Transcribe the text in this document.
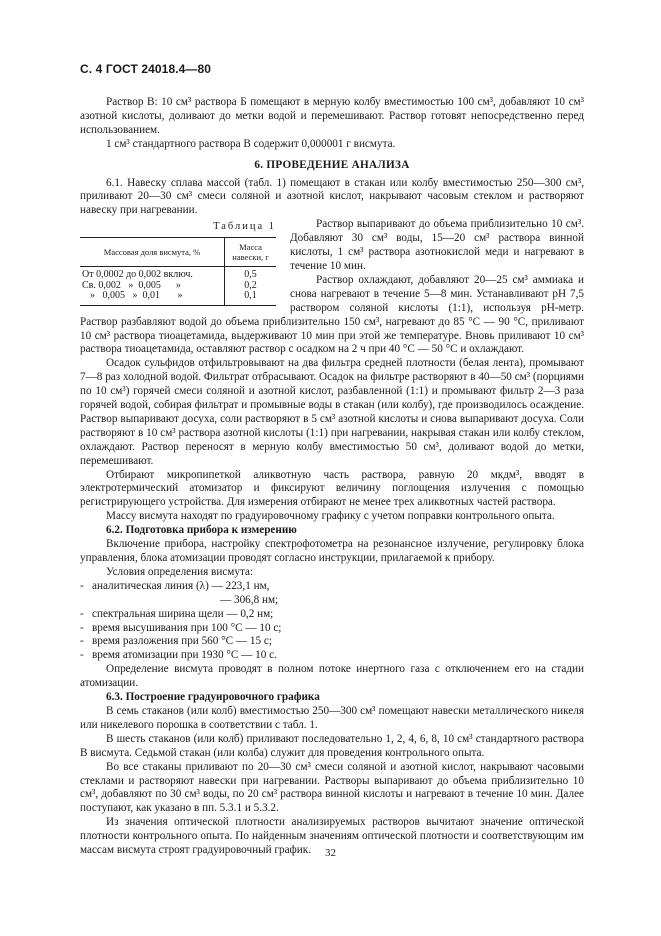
С. 4 ГОСТ 24018.4—80

Раствор В: 10 см³ раствора Б помещают в мерную колбу вместимостью 100 см³, добавляют 10 см³ азотной кислоты, доливают до метки водой и перемешивают. Раствор готовят непосредственно перед использованием.

1 см³ стандартного раствора В содержит 0,000001 г висмута.

6. ПРОВЕДЕНИЕ АНАЛИЗА

6.1. Навеску сплава массой (табл. 1) помещают в стакан или колбу вместимостью 250—300 см³, приливают 20—30 см³ смеси соляной и азотной кислот, накрывают часовым стеклом и растворяют навеску при нагревании.

Таблица 1
Массовая доля висмута, %	Масса навески, г
От 0,0002 до 0,002 включ.	0,5
Св. 0,002   »  0,005      »	0,2
»   0,005   »  0,01       »	0,1

Раствор выпаривают до объема приблизительно 10 см³. Добавляют 30 см³ воды, 15—20 см³ раствора винной кислоты, 1 см³ раствора азотнокислой меди и нагревают в течение 10 мин.

Раствор охлаждают, добавляют 20—25 см³ аммиака и снова нагревают в течение 5—8 мин. Устанавливают pH 7,5 раствором соляной кислоты (1:1), используя pH-метр. Раствор разбавляют водой до объема приблизительно 150 см³, нагревают до 85 °С — 90 °С, приливают 10 см³ раствора тиоацетамида, выдерживают 10 мин при этой же температуре. Вновь приливают 10 см³ раствора тиоацетамида, оставляют раствор с осадком на 2 ч при 40 °С — 50 °С и охлаждают.

Осадок сульфидов отфильтровывают на два фильтра средней плотности (белая лента), промывают 7—8 раз холодной водой. Фильтрат отбрасывают. Осадок на фильтре растворяют в 40—50 см³ (порциями по 10 см³) горячей смеси соляной и азотной кислот, разбавленной (1:1) и промывают фильтр 2—3 раза горячей водой, собирая фильтрат и промывные воды в стакан (или колбу), где производилось осаждение. Раствор выпаривают досуха, соли растворяют в 5 см³ азотной кислоты и снова выпаривают досуха. Соли растворяют в 10 см³ раствора азотной кислоты (1:1) при нагревании, накрывая стакан или колбу стеклом, охлаждают. Раствор переносят в мерную колбу вместимостью 50 см³, доливают водой до метки, перемешивают.

Отбирают микропипеткой аликвотную часть раствора, равную 20 мкдм³, вводят в электротермический атомизатор и фиксируют величину поглощения излучения с помощью регистрирующего устройства. Для измерения отбирают не менее трех аликвотных частей раствора.

Массу висмута находят по градуировочному графику с учетом поправки контрольного опыта.

6.2. Подготовка прибора к измерению

Включение прибора, настройку спектрофотометра на резонансное излучение, регулировку блока управления, блока атомизации проводят согласно инструкции, прилагаемой к прибору.

Условия определения висмута:

- аналитическая линия (λ) — 223,1 нм,
— 306,8 нм;
- спектральная ширина щели — 0,2 нм;
- время высушивания при 100 °С — 10 с;
- время разложения при 560 °С — 15 с;
- время атомизации при 1930 °С — 10 с.

Определение висмута проводят в полном потоке инертного газа с отключением его на стадии атомизации.

6.3. Построение градуировочного графика

В семь стаканов (или колб) вместимостью 250—300 см³ помещают навески металлического никеля или никелевого порошка в соответствии с табл. 1.

В шесть стаканов (или колб) приливают последовательно 1, 2, 4, 6, 8, 10 см³ стандартного раствора В висмута. Седьмой стакан (или колба) служит для проведения контрольного опыта.

Во все стаканы приливают по 20—30 см³ смеси соляной и азотной кислот, накрывают часовыми стеклами и растворяют навески при нагревании. Растворы выпаривают до объема приблизительно 10 см³, добавляют по 30 см³ воды, по 20 см³ раствора винной кислоты и нагревают в течение 10 мин. Далее поступают, как указано в пп. 5.3.1 и 5.3.2.

Из значения оптической плотности анализируемых растворов вычитают значение оптической плотности контрольного опыта. По найденным значениям оптической плотности и соответствующим им массам висмута строят градуировочный график.	32
